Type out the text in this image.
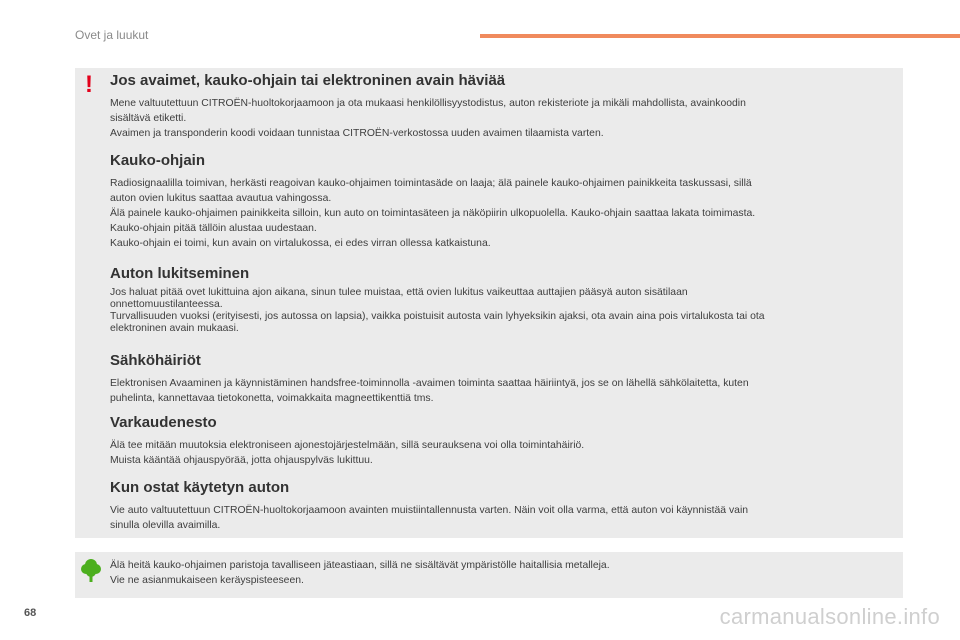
Ovet ja luukut
! Jos avaimet, kauko-ohjain tai elektroninen avain häviää

Mene valtuutettuun CITROËN-huoltokorjaamoon ja ota mukaasi henkilöllisyystodistus, auton rekisteriote ja mikäli mahdollista, avainkoodin
sisältävä etiketti.
Avaimen ja transponderin koodi voidaan tunnistaa CITROËN-verkostossa uuden avaimen tilaamista varten.

Kauko-ohjain

Radiosignaalilla toimivan, herkästi reagoivan kauko-ohjaimen toimintasäde on laaja; älä painele kauko-ohjaimen painikkeita taskussasi, sillä
auton ovien lukitus saattaa avautua vahingossa.
Älä painele kauko-ohjaimen painikkeita silloin, kun auto on toimintasäteen ja näköpiirin ulkopuolella. Kauko-ohjain saattaa lakata toimimasta.
Kauko-ohjain pitää tällöin alustaa uudestaan.
Kauko-ohjain ei toimi, kun avain on virtalukossa, ei edes virran ollessa katkaistuna.

Auton lukitseminen

Jos haluat pitää ovet lukittuina ajon aikana, sinun tulee muistaa, että ovien lukitus vaikeuttaa auttajien pääsyä auton sisätilaan
onnettomuustilanteessa.
Turvallisuuden vuoksi (erityisesti, jos autossa on lapsia), vaikka poistuisit autosta vain lyhyeksikin ajaksi, ota avain aina pois virtalukosta tai ota
elektroninen avain mukaasi.

Sähköhäiriöt

Elektronisen Avaaminen ja käynnistäminen handsfree-toiminnolla -avaimen toiminta saattaa häiriintyä, jos se on lähellä sähkölaitetta, kuten
puhelinta, kannettavaa tietokonetta, voimakkaita magneettikenttiä tms.

Varkaudenesto

Älä tee mitään muutoksia elektroniseen ajonestojärjestelmään, sillä seurauksena voi olla toimintahäiriö.
Muista kääntää ohjauspyörää, jotta ohjauspylväs lukittuu.

Kun ostat käytetyn auton

Vie auto valtuutettuun CITROËN-huoltokorjaamoon avainten muistiintallennusta varten. Näin voit olla varma, että auton voi käynnistää vain
sinulla olevilla avaimilla.

Älä heitä kauko-ohjaimen paristoja tavalliseen jäteastiaan, sillä ne sisältävät ympäristölle haitallisia metalleja.
Vie ne asianmukaiseen keräyspisteeseen.
68	carmanualsonline.info
